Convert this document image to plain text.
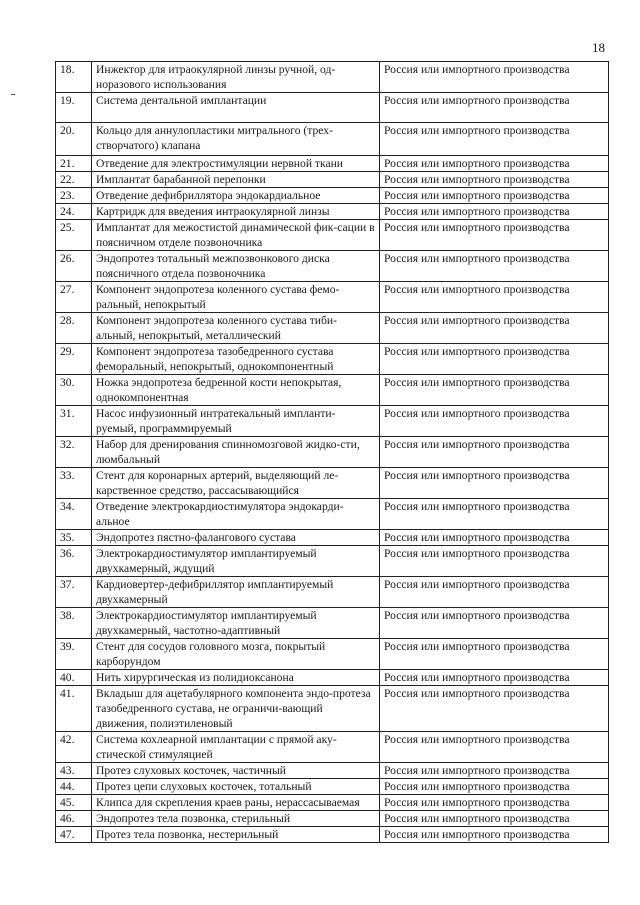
18
18.	Инжектор для итраокулярной линзы ручной, од-норазового использования	Россия или импортного производства
19.	Система дентальной имплантации	Россия или импортного производства
20.	Кольцо для аннулопластики митрального (трех-створчатого) клапана	Россия или импортного производства
21.	Отведение для электростимуляции нервной ткани	Россия или импортного производства
22.	Имплантат барабанной перепонки	Россия или импортного производства
23.	Отведение дефибриллятора эндокардиальное	Россия или импортного производства
24.	Картридж для введения интраокулярной линзы	Россия или импортного производства
25.	Имплантат для межостистой динамической фик-сации в поясничном отделе позвоночника	Россия или импортного производства
26.	Эндопротез тотальный межпозвонкового диска поясничного отдела позвоночника	Россия или импортного производства
27.	Компонент эндопротеза коленного сустава фемо-ральный, непокрытый	Россия или импортного производства
28.	Компонент эндопротеза коленного сустава тиби-альный, непокрытый, металлический	Россия или импортного производства
29.	Компонент эндопротеза тазобедренного сустава феморальный, непокрытый, однокомпонентный	Россия или импортного производства
30.	Ножка эндопротеза бедренной кости непокрытая, однокомпонентная	Россия или импортного производства
31.	Насос инфузионный интратекальный импланти-руемый, программируемый	Россия или импортного производства
32.	Набор для дренирования спинномозговой жидко-сти, люмбальный	Россия или импортного производства
33.	Стент для коронарных артерий, выделяющий ле-карственное средство, рассасывающийся	Россия или импортного производства
34.	Отведение электрокардиостимулятора эндокарди-альное	Россия или импортного производства
35.	Эндопротез пястно-фалангового сустава	Россия или импортного производства
36.	Электрокардиостимулятор имплантируемый двухкамерный, ждущий	Россия или импортного производства
37.	Кардиовертер-дефибриллятор имплантируемый двухкамерный	Россия или импортного производства
38.	Электрокардиостимулятор имплантируемый двухкамерный, частотно-адаптивный	Россия или импортного производства
39.	Стент для сосудов головного мозга, покрытый карборундом	Россия или импортного производства
40.	Нить хирургическая из полидиоксанона	Россия или импортного производства
41.	Вкладыш для ацетабулярного компонента эндо-протеза тазобедренного сустава, не ограничи-вающий движения, полиэтиленовый	Россия или импортного производства
42.	Система кохлеарной имплантации с прямой аку-стической стимуляцией	Россия или импортного производства
43.	Протез слуховых косточек, частичный	Россия или импортного производства
44.	Протез цепи слуховых косточек, тотальный	Россия или импортного производства
45.	Клипса для скрепления краев раны, нерассасываемая	Россия или импортного производства
46.	Эндопротез тела позвонка, стерильный	Россия или импортного производства
47.	Протез тела позвонка, нестерильный	Россия или импортного производства
